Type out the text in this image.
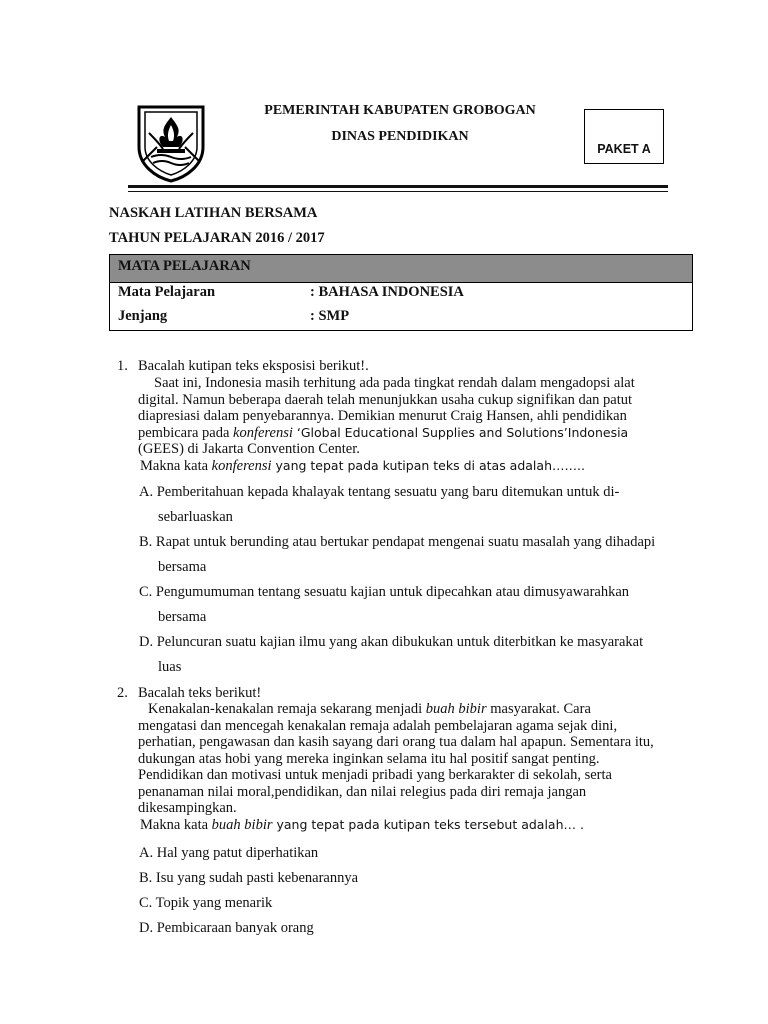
PEMERINTAH KABUPATEN GROBOGAN
DINAS PENDIDIKAN
PAKET A
NASKAH LATIHAN BERSAMA
TAHUN PELAJARAN 2016 / 2017
MATA PELAJARAN
Mata Pelajaran	: BAHASA INDONESIA
Jenjang	: SMP
1. Bacalah kutipan teks eksposisi berikut!.
Saat ini, Indonesia masih terhitung ada pada tingkat rendah dalam mengadopsi alat
digital. Namun beberapa daerah telah menunjukkan usaha cukup signifikan dan patut
diapresiasi dalam penyebarannya. Demikian menurut Craig Hansen, ahli pendidikan
pembicara pada konferensi ‘Global Educational Supplies and Solutions’Indonesia
(GEES) di Jakarta Convention Center.
Makna kata konferensi yang tepat pada kutipan teks di atas adalah……..
A. Pemberitahuan kepada khalayak tentang sesuatu yang baru ditemukan untuk di-
sebarluaskan
B. Rapat untuk berunding atau bertukar pendapat mengenai suatu masalah yang dihadapi
bersama
C. Pengumumuman tentang sesuatu kajian untuk dipecahkan atau dimusyawarahkan
bersama
D. Peluncuran suatu kajian ilmu yang akan dibukukan untuk diterbitkan ke masyarakat
luas
2. Bacalah teks berikut!
Kenakalan-kenakalan remaja sekarang menjadi buah bibir masyarakat. Cara
mengatasi dan mencegah kenakalan remaja adalah pembelajaran agama sejak dini,
perhatian, pengawasan dan kasih sayang dari orang tua dalam hal apapun. Sementara itu,
dukungan atas hobi yang mereka inginkan selama itu hal positif sangat penting.
Pendidikan dan motivasi untuk menjadi pribadi yang berkarakter di sekolah, serta
penanaman nilai moral,pendidikan, dan nilai relegius pada diri remaja jangan
dikesampingkan.
Makna kata buah bibir yang tepat pada kutipan teks tersebut adalah… .
A. Hal yang patut diperhatikan
B. Isu yang sudah pasti kebenarannya
C. Topik yang menarik
D. Pembicaraan banyak orang
